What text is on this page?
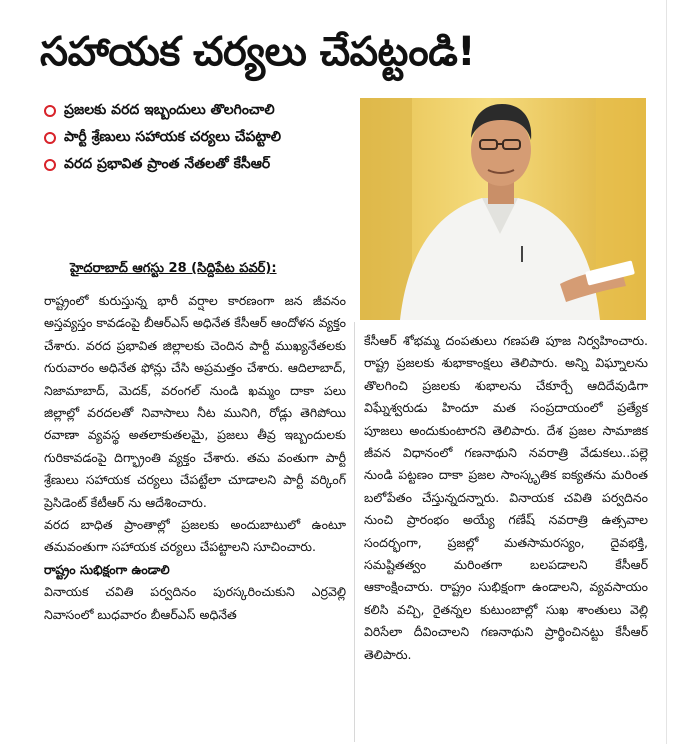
సహాయక చర్యలు చేపట్టండి!
ప్రజలకు వరద ఇబ్బందులు తొలగించాలి
పార్టీ శ్రేణులు సహాయక చర్యలు చేపట్టాలి
వరద ప్రభావిత ప్రాంత నేతలతో కేసీఆర్
హైదరాబాద్ ఆగస్టు 28 (సిద్దిపేట పవర్):

రాష్ట్రంలో కురుస్తున్న భారీ వర్షాల కారణంగా జన జీవనం అస్తవ్యస్తం కావడంపై బీఆర్ఎస్ అధినేత కేసీఆర్ ఆందోళన వ్యక్తం చేశారు. వరద ప్రభావిత జిల్లాలకు చెందిన పార్టీ ముఖ్యనేతలకు గురువారం అధినేత ఫోన్లు చేసి అప్రమత్తం చేశారు. ఆదిలాబాద్, నిజామాబాద్, మెదక్, వరంగల్ నుండి ఖమ్మం దాకా పలు జిల్లాల్లో వరదలతో నివాసాలు నీట మునిగి, రోడ్లు తెగిపోయి రవాణా వ్యవస్థ అతలాకుతలమై, ప్రజలు తీవ్ర ఇబ్బందులకు గురికావడంపై దిగ్భ్రాంతి వ్యక్తం చేశారు. తమ వంతుగా పార్టీ శ్రేణులు సహాయక చర్యలు చేపట్టేలా చూడాలని పార్టీ వర్కింగ్ ప్రెసిడెంట్ కేటీఆర్ ను ఆదేశించారు.

వరద బాధిత ప్రాంతాల్లో ప్రజలకు అందుబాటులో ఉంటూ తమవంతుగా సహాయక చర్యలు చేపట్టాలని సూచించారు.

రాష్ట్రం సుభిక్షంగా ఉండాలి

వినాయక చవితి పర్వదినం పురస్కరించుకుని ఎర్రవెల్లి నివాసంలో బుధవారం బీఆర్ఎస్ అధినేత

కేసీఆర్ శోభమ్మ దంపతులు గణపతి పూజ నిర్వహించారు. రాష్ట్ర ప్రజలకు శుభాకాంక్షలు తెలిపారు. అన్ని విఘ్నాలను తొలగించి ప్రజలకు శుభాలను చేకూర్చే ఆదిదేవుడిగా విఘ్నేశ్వరుడు హిందూ మత సంప్రదాయంలో ప్రత్యేక పూజలు అందుకుంటారని తెలిపారు. దేశ ప్రజల సామాజిక జీవన విధానంలో గణనాథుని నవరాత్రి వేడుకలు..పల్లె నుండి పట్టణం దాకా ప్రజల సాంస్కృతిక ఐక్యతను మరింత బలోపేతం చేస్తున్నదన్నారు. వినాయక చవితి పర్వదినం నుంచి ప్రారంభం అయ్యే గణేష్ నవరాత్రి ఉత్సవాల సందర్భంగా, ప్రజల్లో మతసామరస్యం, దైవభక్తి, సమష్టితత్వం మరింతగా బలపడాలని కేసీఆర్ ఆకాంక్షించారు. రాష్ట్రం సుభిక్షంగా ఉండాలని, వ్యవసాయం కలిసి వచ్చి, రైతన్నల కుటుంబాల్లో సుఖ శాంతులు వెల్లి విరిసేలా దీవించాలని గణనాథుని ప్రార్థించినట్టు కేసీఆర్ తెలిపారు.
